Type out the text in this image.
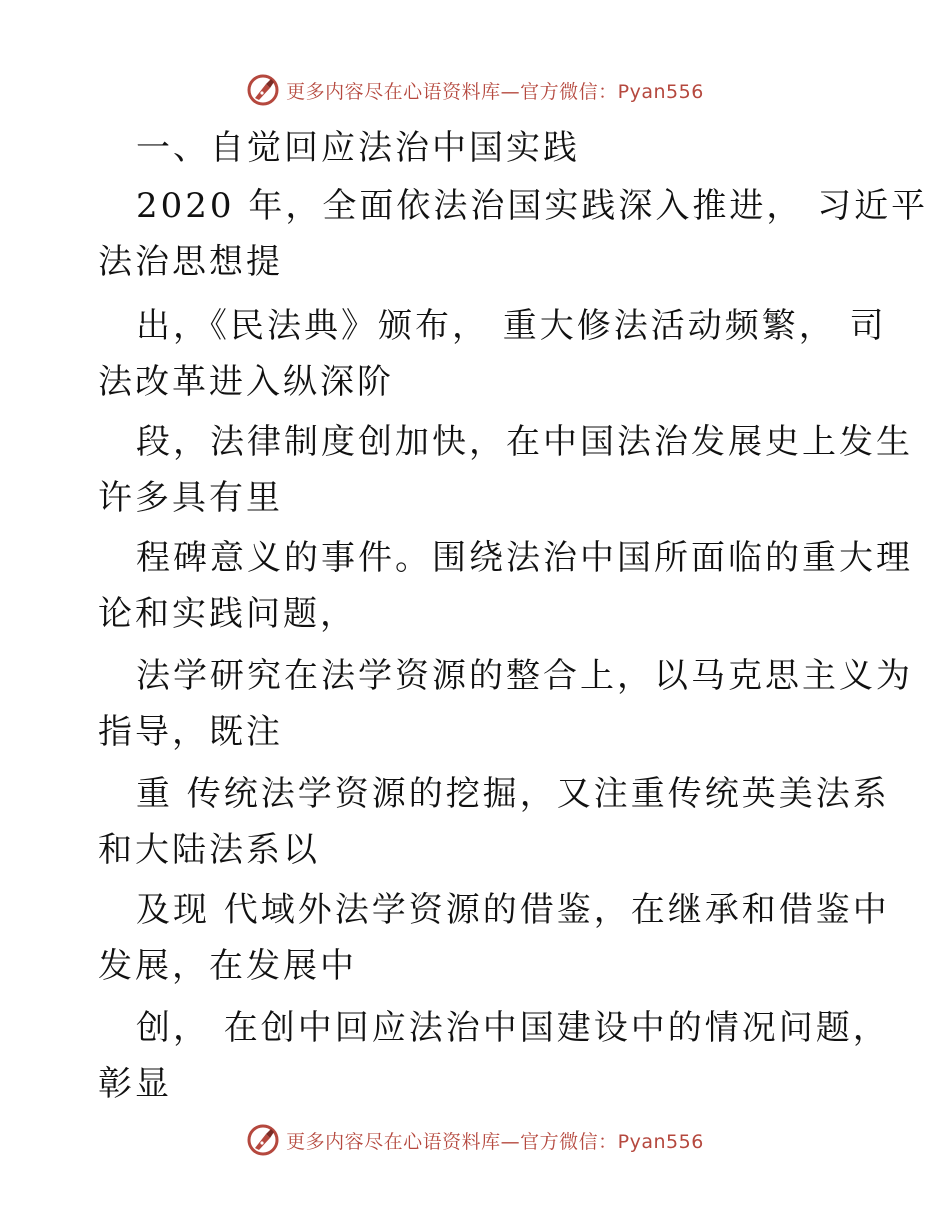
更多内容尽在心语资料库—官方微信：Pyan556
一、自觉回应法治中国实践
2020 年，全面依法治国实践深入推进， 习近平
法治思想提
出，《民法典》颁布， 重大修法活动频繁， 司
法改革进入纵深阶
段，法律制度创加快，在中国法治发展史上发生
许多具有里
程碑意义的事件。围绕法治中国所面临的重大理
论和实践问题，
法学研究在法学资源的整合上，以马克思主义为
指导，既注
重 传统法学资源的挖掘，又注重传统英美法系
和大陆法系以
及现 代域外法学资源的借鉴，在继承和借鉴中
发展，在发展中
创， 在创中回应法治中国建设中的情况问题，
彰显
更多内容尽在心语资料库—官方微信：Pyan556
